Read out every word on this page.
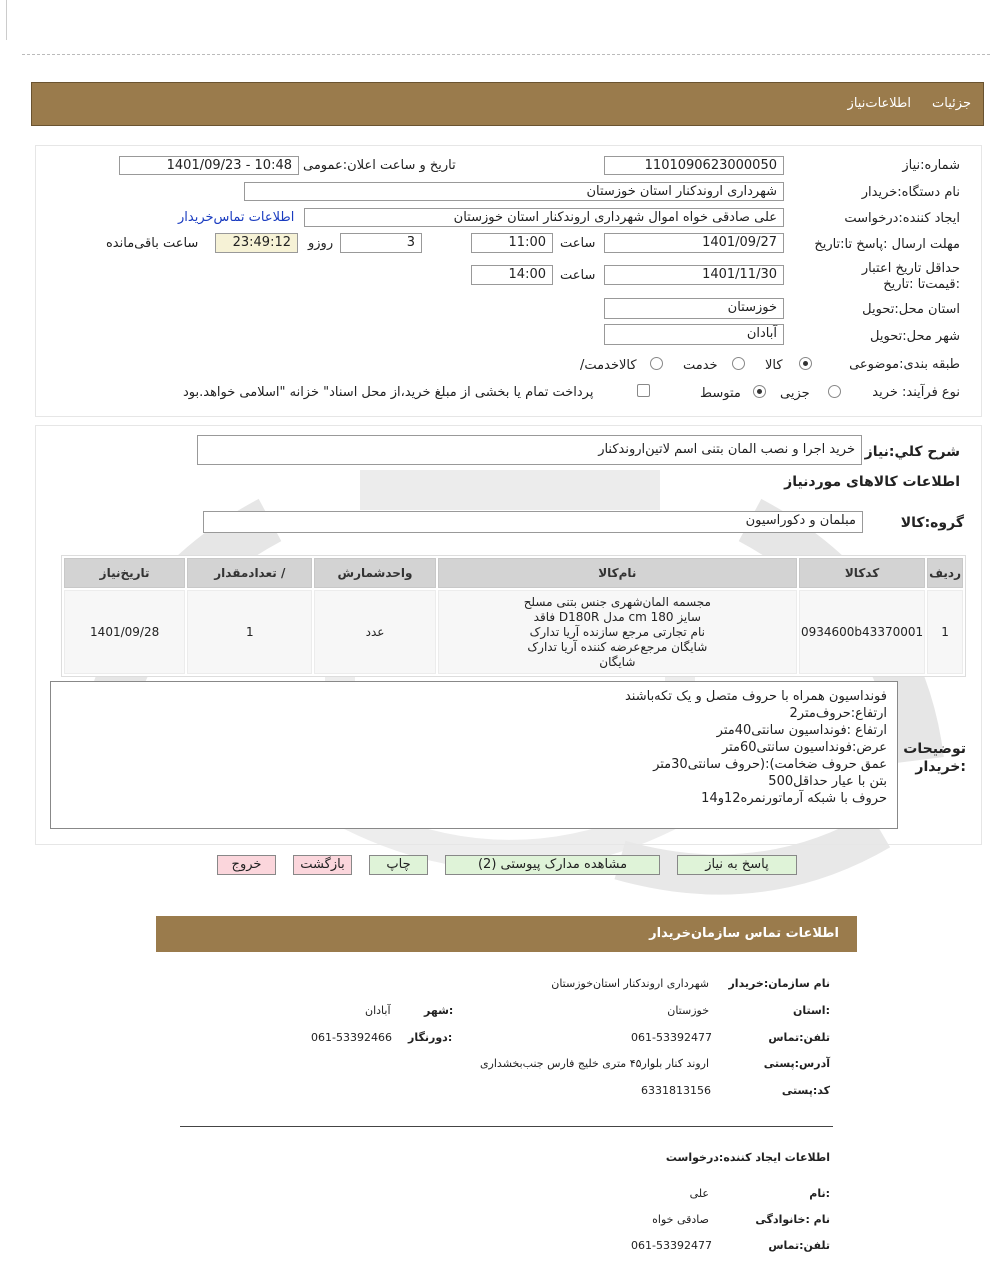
جزئیات
اطلاعات‌نیاز
شماره:نیاز
1101090623000050
تاریخ و ساعت اعلان:عمومی
1401/09/23 - 10:48
نام دستگاه:خریدار
شهرداری اروندکنار استان خوزستان
ایجاد کننده:درخواست
علی صادقی خواه اموال شهرداری اروندکنار استان خوزستان
اطلاعات تماس‌خریدار
مهلت ارسال :پاسخ تا:تاریخ
1401/09/27
ساعت
11:00
3
روزو
23:49:12
ساعت باقی‌مانده
حداقل تاریخ اعتبار :قیمت‌تا :تاریخ
1401/11/30
ساعت
14:00
استان محل:تحویل
خوزستان
شهر محل:تحویل
آبادان
طبقه بندی:موضوعی
کالا
خدمت
/کالاخدمت
نوع فرآیند: خرید
جزیی
متوسط
پرداخت تمام یا بخشی از مبلغ خرید،از محل اسناد" خزانه "اسلامی خواهد.بود
شرح کلي:نیاز
خرید اجرا و نصب المان بتنی اسم لاتین‌اروندکنار
اطلاعات کالاهای موردنیاز
گروه:کالا
مبلمان و دکوراسیون
ردیف	کدکالا	نام‌کالا	واحدشمارش	/ تعدادمقدار	تاریخ‌نیاز
1	0934600b43370001	مجسمه المان‌شهری جنس بتنی مسلح
سایز 180 cm مدل D180R فاقد
نام تجارتی مرجع سازنده آریا تدارک
شایگان مرجع‌عرضه کننده آریا تدارک
شایگان	عدد	1	1401/09/28
توضیحات :خریدار
فونداسیون همراه با حروف متصل و یک تکه‌باشند
ارتفاع:حروف‌متر2
ارتفاع :فونداسیون سانتی40متر
عرض:فونداسیون سانتی60متر
عمق حروف ضخامت):(حروف سانتی30متر
بتن با عیار حداقل500
حروف با شبکه آرماتورنمره12و14
پاسخ به نیاز
مشاهده مدارک پیوستی (2)
چاپ
بازگشت
خروج
اطلاعات تماس سازمان‌خریدار
نام سازمان:خریدار
شهرداری اروندکنار استان‌خوزستان
استان:
خوزستان
شهر:
آبادان
تلفن:تماس
061-53392477
دورنگار:
061-53392466
آدرس:پستی
اروند کنار بلوار۴۵ متری خلیج فارس جنب‌بخشداری
کد:پستی
6331813156
اطلاعات ایجاد کننده:درخواست
نام:
علی
نام :خانوادگی
صادقی خواه
تلفن:تماس
061-53392477
